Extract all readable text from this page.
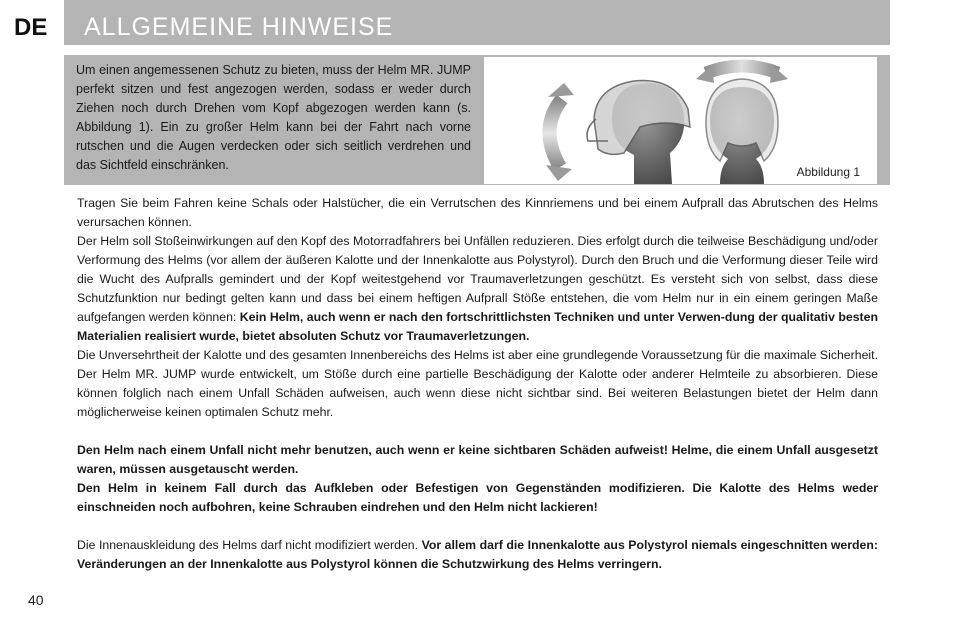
DE ALLGEMEINE HINWEISE
Um einen angemessenen Schutz zu bieten, muss der Helm MR. JUMP perfekt sitzen und fest angezogen werden, sodass er weder durch Ziehen noch durch Drehen vom Kopf abgezogen werden kann (s. Abbildung 1). Ein zu großer Helm kann bei der Fahrt nach vorne rutschen und die Augen verdecken oder sich seitlich verdrehen und das Sichtfeld einschränken.	Abbildung 1

Tragen Sie beim Fahren keine Schals oder Halstücher, die ein Verrutschen des Kinnriemens und bei einem Aufprall das Abrutschen des Helms verursachen können.

Der Helm soll Stoßeinwirkungen auf den Kopf des Motorradfahrers bei Unfällen reduzieren. Dies erfolgt durch die teilweise Beschädigung und/oder Verformung des Helms (vor allem der äußeren Kalotte und der Innenkalotte aus Polystyrol). Durch den Bruch und die Verformung dieser Teile wird die Wucht des Aufpralls gemindert und der Kopf weitestgehend vor Traumaverletzungen geschützt. Es versteht sich von selbst, dass diese Schutzfunktion nur bedingt gelten kann und dass bei einem heftigen Aufprall Stöße entstehen, die vom Helm nur in ein einem geringen Maße aufgefangen werden können: Kein Helm, auch wenn er nach den fortschrittlichsten Techniken und unter Verwen-dung der qualitativ besten Materialien realisiert wurde, bietet absoluten Schutz vor Traumaverletzungen.

Die Unversehrtheit der Kalotte und des gesamten Innenbereichs des Helms ist aber eine grundlegende Voraussetzung für die maximale Sicherheit. Der Helm MR. JUMP wurde entwickelt, um Stöße durch eine partielle Beschädigung der Kalotte oder anderer Helmteile zu absorbieren. Diese können folglich nach einem Unfall Schäden aufweisen, auch wenn diese nicht sichtbar sind. Bei weiteren Belastungen bietet der Helm dann möglicherweise keinen optimalen Schutz mehr.

Den Helm nach einem Unfall nicht mehr benutzen, auch wenn er keine sichtbaren Schäden aufweist! Helme, die einem Unfall ausgesetzt waren, müssen ausgetauscht werden.

Den Helm in keinem Fall durch das Aufkleben oder Befestigen von Gegenständen modifizieren. Die Kalotte des Helms weder einschneiden noch aufbohren, keine Schrauben eindrehen und den Helm nicht lackieren!

Die Innenauskleidung des Helms darf nicht modifiziert werden. Vor allem darf die Innenkalotte aus Polystyrol niemals eingeschnitten werden: Veränderungen an der Innenkalotte aus Polystyrol können die Schutzwirkung des Helms verringern.

40
